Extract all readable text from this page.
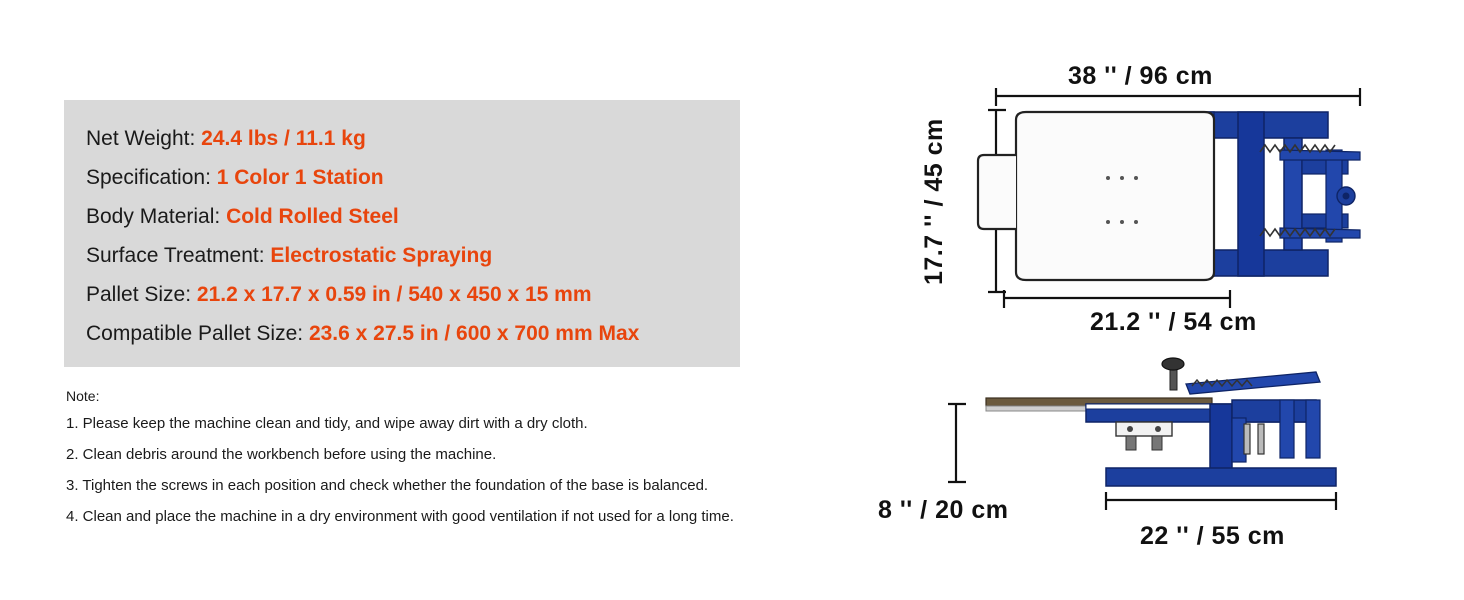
Net Weight: 24.4 lbs / 11.1 kg
Specification: 1 Color 1 Station
Body Material: Cold Rolled Steel
Surface Treatment: Electrostatic Spraying
Pallet Size: 21.2 x 17.7 x 0.59 in / 540 x 450 x 15 mm
Compatible Pallet Size: 23.6 x 27.5 in / 600 x 700 mm Max
Note:
1. Please keep the machine clean and tidy, and wipe away dirt with a dry cloth.
2. Clean debris around the workbench before using the machine.
3. Tighten the screws in each position and check whether the foundation of the base is balanced.
4. Clean and place the machine in a dry environment with good ventilation if not used for a long time.
38 '' / 96 cm
17.7 '' / 45 cm
21.2 '' / 54 cm
8 '' / 20 cm
22 '' / 55 cm
